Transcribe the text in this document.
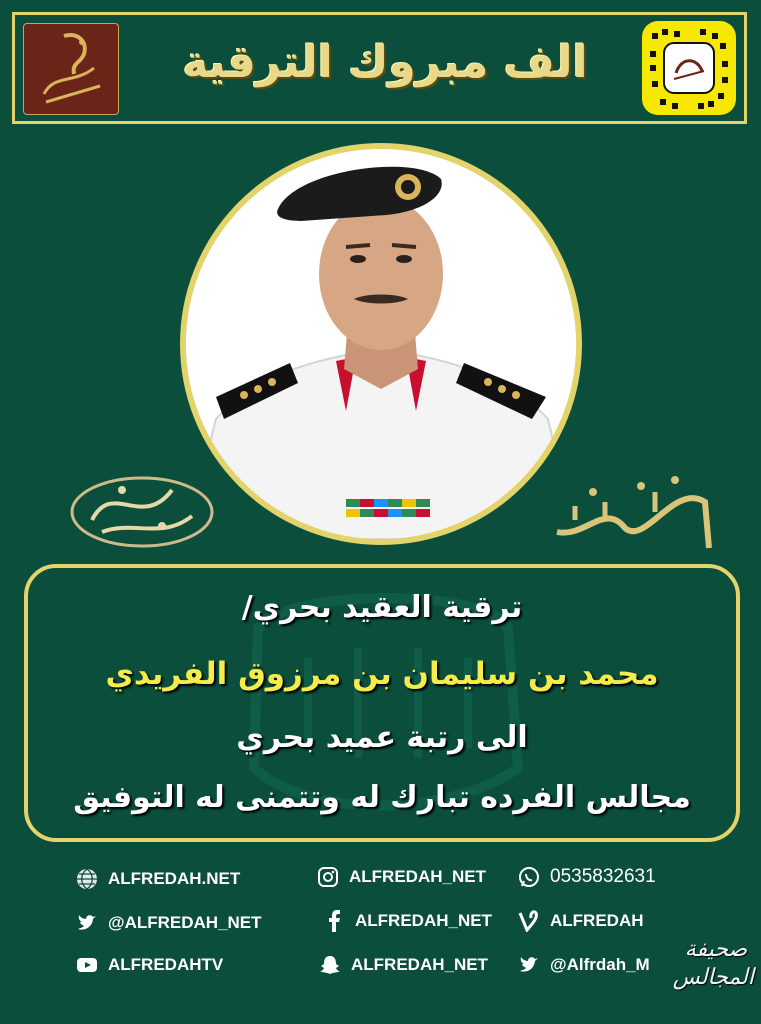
الف مبروك الترقية
ترقية العقيد بحري/
محمد بن سليمان بن مرزوق الفريدي
الى رتبة عميد بحري
مجالس الفرده تبارك له وتتمنى له التوفيق
ALFREDAH.NET	ALFREDAH_NET	0535832631
@ALFREDAH_NET	ALFREDAH_NET	ALFREDAH
ALFREDAHTV	ALFREDAH_NET	@Alfrdah_M
صحيفة المجالس
